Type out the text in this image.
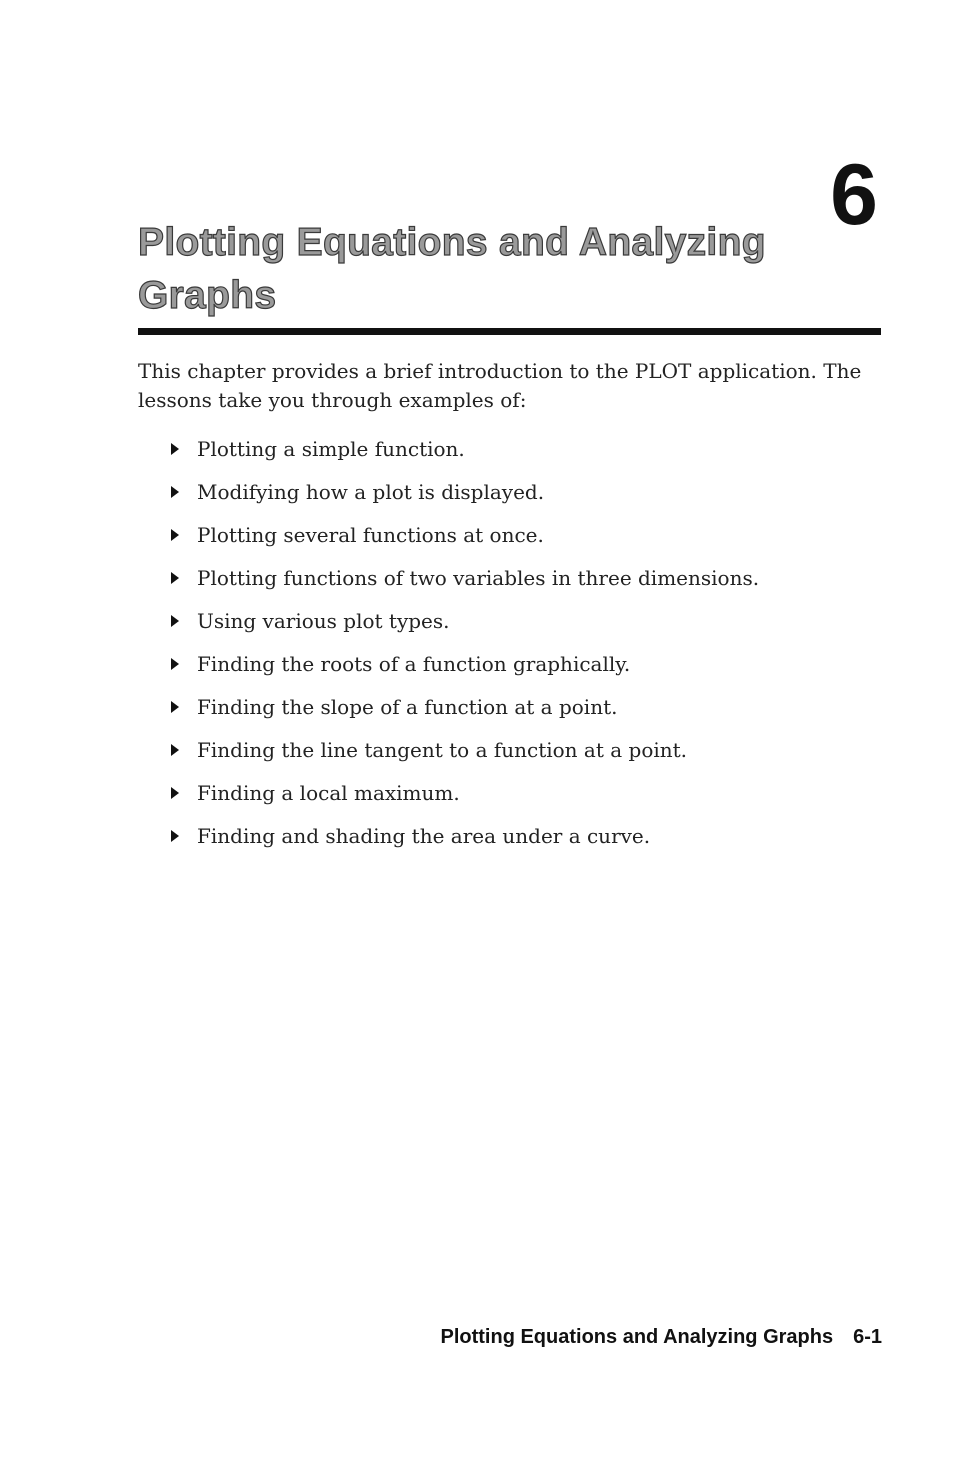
6
Plotting Equations and Analyzing Graphs

This chapter provides a brief introduction to the PLOT application. The lessons take you through examples of:

Plotting a simple function.
Modifying how a plot is displayed.
Plotting several functions at once.
Plotting functions of two variables in three dimensions.
Using various plot types.
Finding the roots of a function graphically.
Finding the slope of a function at a point.
Finding the line tangent to a function at a point.
Finding a local maximum.
Finding and shading the area under a curve.
Plotting Equations and Analyzing Graphs 6-1
